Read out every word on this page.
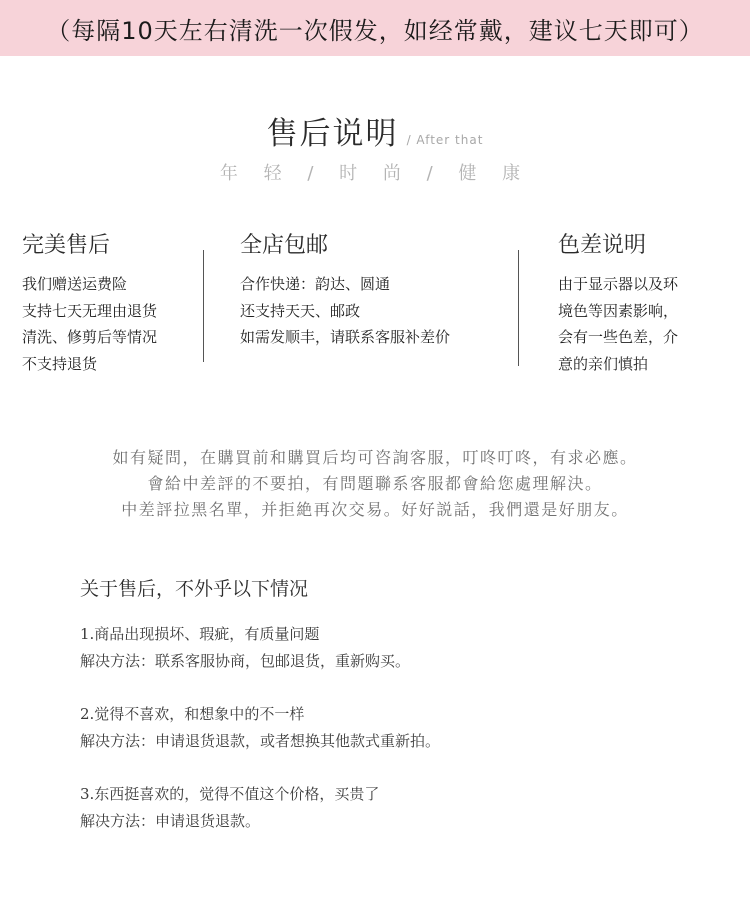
（每隔10天左右清洗一次假发，如经常戴，建议七天即可）
售后说明 / After that
年 轻 / 时 尚 / 健 康
完美售后
我们赠送运费险
支持七天无理由退货
清洗、修剪后等情况
不支持退货
全店包邮
合作快递：韵达、圆通
还支持天天、邮政
如需发顺丰，请联系客服补差价
色差说明
由于显示器以及环
境色等因素影响，
会有一些色差，介
意的亲们慎拍
如有疑問，在購買前和購買后均可咨詢客服，叮咚叮咚，有求必應。
會給中差評的不要拍，有問題聯系客服都會給您處理解決。
中差評拉黑名單，并拒絶再次交易。好好説話，我們還是好朋友。
关于售后，不外乎以下情况
1.商品出现损坏、瑕疵，有质量问题
解决方法：联系客服协商，包邮退货，重新购买。
2.觉得不喜欢，和想象中的不一样
解决方法：申请退货退款，或者想换其他款式重新拍。
3.东西挺喜欢的，觉得不值这个价格，买贵了
解决方法：申请退货退款。
